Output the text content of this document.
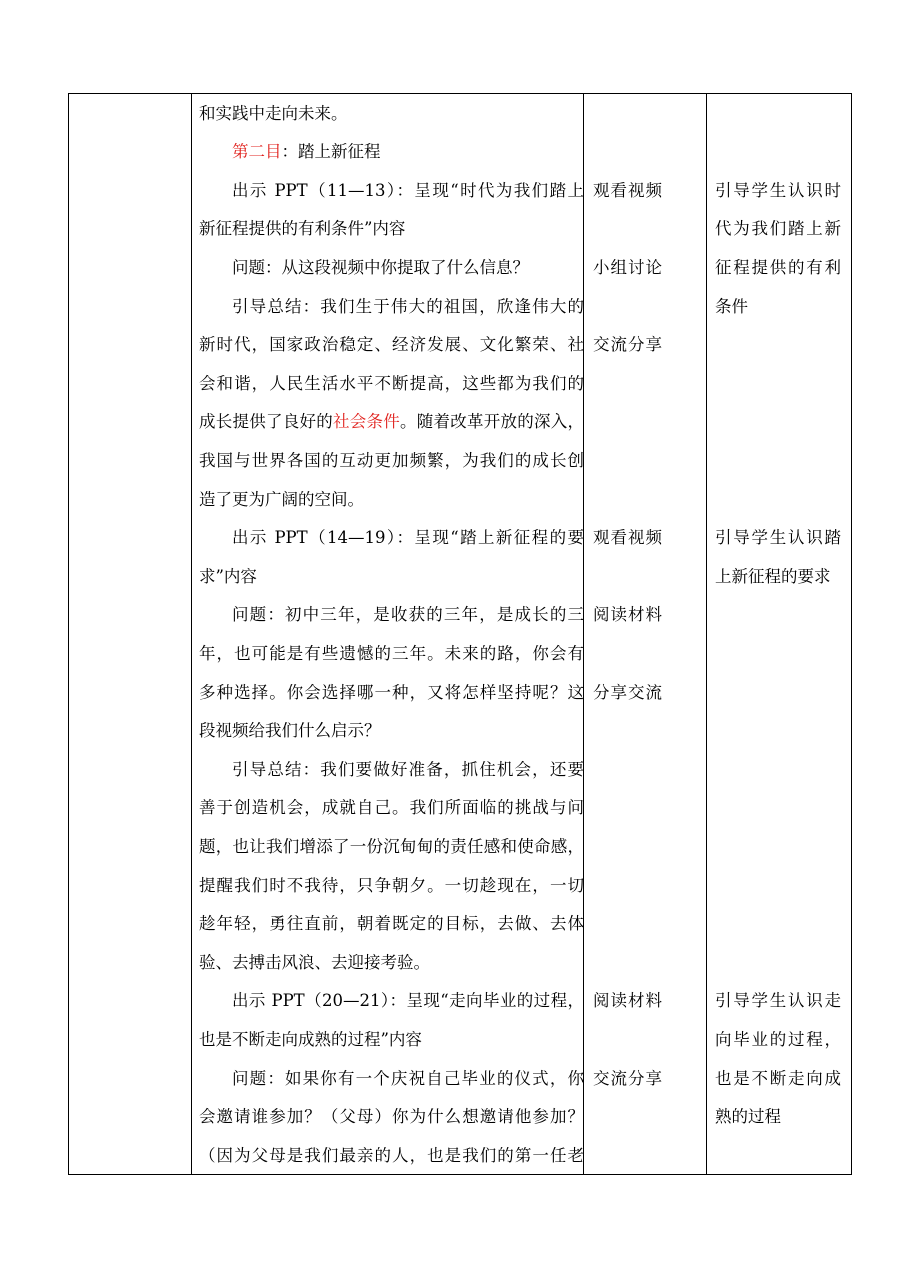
和实践中走向未来。
第二目：踏上新征程
出示 PPT（11—13）：呈现“时代为我们踏上
新征程提供的有利条件”内容
问题：从这段视频中你提取了什么信息？
引导总结：我们生于伟大的祖国，欣逢伟大的
新时代，国家政治稳定、经济发展、文化繁荣、社
会和谐，人民生活水平不断提高，这些都为我们的
成长提供了良好的社会条件。随着改革开放的深入，
我国与世界各国的互动更加频繁，为我们的成长创
造了更为广阔的空间。
出示 PPT（14—19）：呈现“踏上新征程的要
求”内容
问题：初中三年，是收获的三年，是成长的三
年，也可能是有些遗憾的三年。未来的路，你会有
多种选择。你会选择哪一种，又将怎样坚持呢？这
段视频给我们什么启示？
引导总结：我们要做好准备，抓住机会，还要
善于创造机会，成就自己。我们所面临的挑战与问
题，也让我们增添了一份沉甸甸的责任感和使命感，
提醒我们时不我待，只争朝夕。一切趁现在，一切
趁年轻，勇往直前，朝着既定的目标，去做、去体
验、去搏击风浪、去迎接考验。
出示 PPT（20—21）：呈现“走向毕业的过程，
也是不断走向成熟的过程”内容
问题：如果你有一个庆祝自己毕业的仪式，你
会邀请谁参加？（父母）你为什么想邀请他参加？
（因为父母是我们最亲的人，也是我们的第一任老
观看视频
小组讨论
交流分享
观看视频
阅读材料
分享交流
阅读材料
交流分享
引导学生认识时
代为我们踏上新
征程提供的有利
条件
引导学生认识踏
上新征程的要求
引导学生认识走
向毕业的过程，
也是不断走向成
熟的过程
